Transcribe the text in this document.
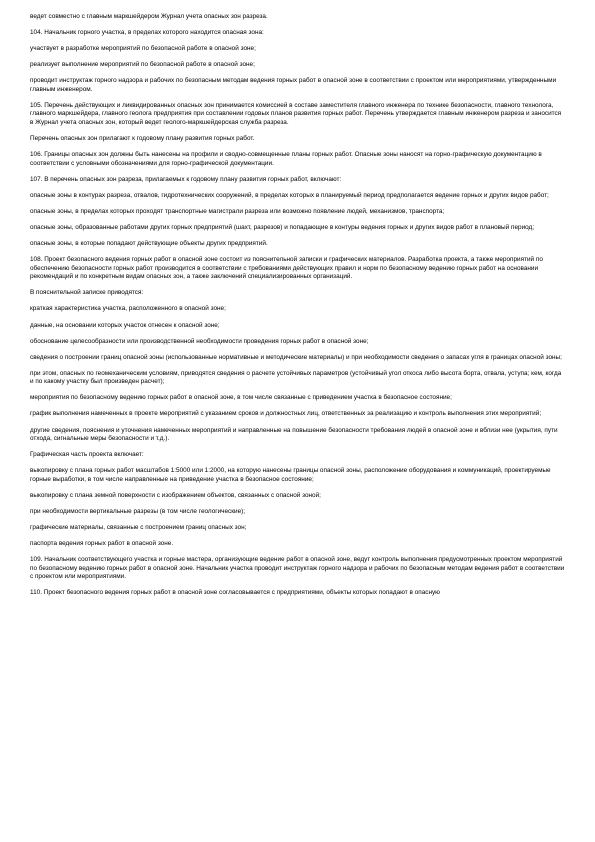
ведет совместно с главным маркшейдером Журнал учета опасных зон разреза.

104. Начальник горного участка, в пределах которого находится опасная зона:

участвует в разработке мероприятий по безопасной работе в опасной зоне;

реализует выполнение мероприятий по безопасной работе в опасной зоне;

проводит инструктаж горного надзора и рабочих по безопасным методам ведения горных работ в опасной зоне в соответствии с проектом или мероприятиями, утвержденными главным инженером.

105. Перечень действующих и ликвидированных опасных зон принимается комиссией в составе заместителя главного инженера по технике безопасности, главного технолога, главного маркшейдера, главного геолога предприятия при составлении годовых планов развития горных работ. Перечень утверждается главным инженером разреза и заносится в Журнал учета опасных зон, который ведет геолого-маркшейдерская служба разреза.

Перечень опасных зон прилагают к годовому плану развития горных работ.

106. Границы опасных зон должны быть нанесены на профили и сводно-совмещенные планы горных работ. Опасные зоны наносят на горно-графическую документацию в соответствии с условными обозначениями для горно-графической документации.

107. В перечень опасных зон разреза, прилагаемых к годовому плану развития горных работ, включают:

опасные зоны в контурах разреза, отвалов, гидротехнических сооружений, в пределах которых в планируемый период предполагается ведение горных и других видов работ;

опасные зоны, в пределах которых проходят транспортные магистрали разреза или возможно появление людей, механизмов, транспорта;

опасные зоны, образованные работами других горных предприятий (шахт, разрезов) и попадающие в контуры ведения горных и других видов работ в плановый период;

опасные зоны, в которые попадают действующие объекты других предприятий.

108. Проект безопасного ведения горных работ в опасной зоне состоит из пояснительной записки и графических материалов. Разработка проекта, а также мероприятий по обеспечению безопасности горных работ производится в соответствии с требованиями действующих правил и норм по безопасному ведению горных работ на основании рекомендаций и по конкретным видам опасных зон, а также заключений специализированных организаций.

В пояснительной записке приводятся:

краткая характеристика участка, расположенного в опасной зоне;

данные, на основании которых участок отнесен к опасной зоне;

обоснование целесообразности или производственной необходимости проведения горных работ в опасной зоне;

сведения о построении границ опасной зоны (использованные нормативные и методические материалы) и при необходимости сведения о запасах угля в границах опасной зоны;

при этом, опасных по геомеханическим условиям, приводятся сведения о расчете устойчивых параметров (устойчивый угол откоса либо высота борта, отвала, уступа; кем, когда и по какому участку был произведен расчет);

мероприятия по безопасному ведению горных работ в опасной зоне, в том числе связанные с приведением участка в безопасное состояние;

график выполнения намеченных в проекте мероприятий с указанием сроков и должностных лиц, ответственных за реализацию и контроль выполнения этих мероприятий;

другие сведения, пояснения и уточнения намеченных мероприятий и направленные на повышение безопасности требования людей в опасной зоне и вблизи нее (укрытия, пути отхода, сигнальные меры безопасности и т.д.).

Графическая часть проекта включает:

выкопировку с плана горных работ масштабов 1:5000 или 1:2000, на которую нанесены границы опасной зоны, расположение оборудования и коммуникаций, проектируемые горные выработки, в том числе направленные на приведение участка в безопасное состояние;

выкопировку с плана земной поверхности с изображением объектов, связанных с опасной зоной;

при необходимости вертикальные разрезы (в том числе геологические);

графические материалы, связанные с построением границ опасных зон;

паспорта ведения горных работ в опасной зоне.

109. Начальник соответствующего участка и горные мастера, организующие ведение работ в опасной зоне, ведут контроль выполнения предусмотренных проектом мероприятий по безопасному ведению горных работ в опасной зоне. Начальник участка проводит инструктаж горного надзора и рабочих по безопасным методам ведения работ в соответствии с проектом или мероприятиями.

110. Проект безопасного ведения горных работ в опасной зоне согласовывается с предприятиями, объекты которых попадают в опасную
